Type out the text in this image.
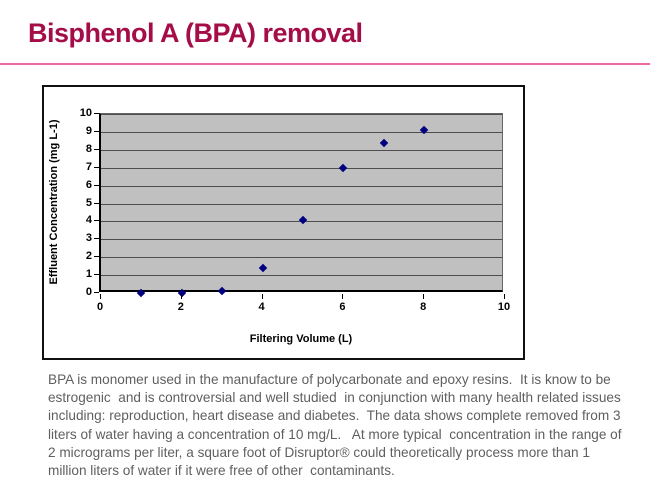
Bisphenol A (BPA) removal
Effluent Concentration (mg L-1)
0
1
2
3
4
5
6
7
8
9
10
0	2	4	6	8	10
Filtering Volume (L)
BPA is monomer used in the manufacture of polycarbonate and epoxy resins.  It is know to be estrogenic  and is controversial and well studied  in conjunction with many health related issues including: reproduction, heart disease and diabetes.  The data shows complete removed from 3 liters of water having a concentration of 10 mg/L.   At more typical  concentration in the range of 2 micrograms per liter, a square foot of Disruptor® could theoretically process more than 1 million liters of water if it were free of other  contaminants.
